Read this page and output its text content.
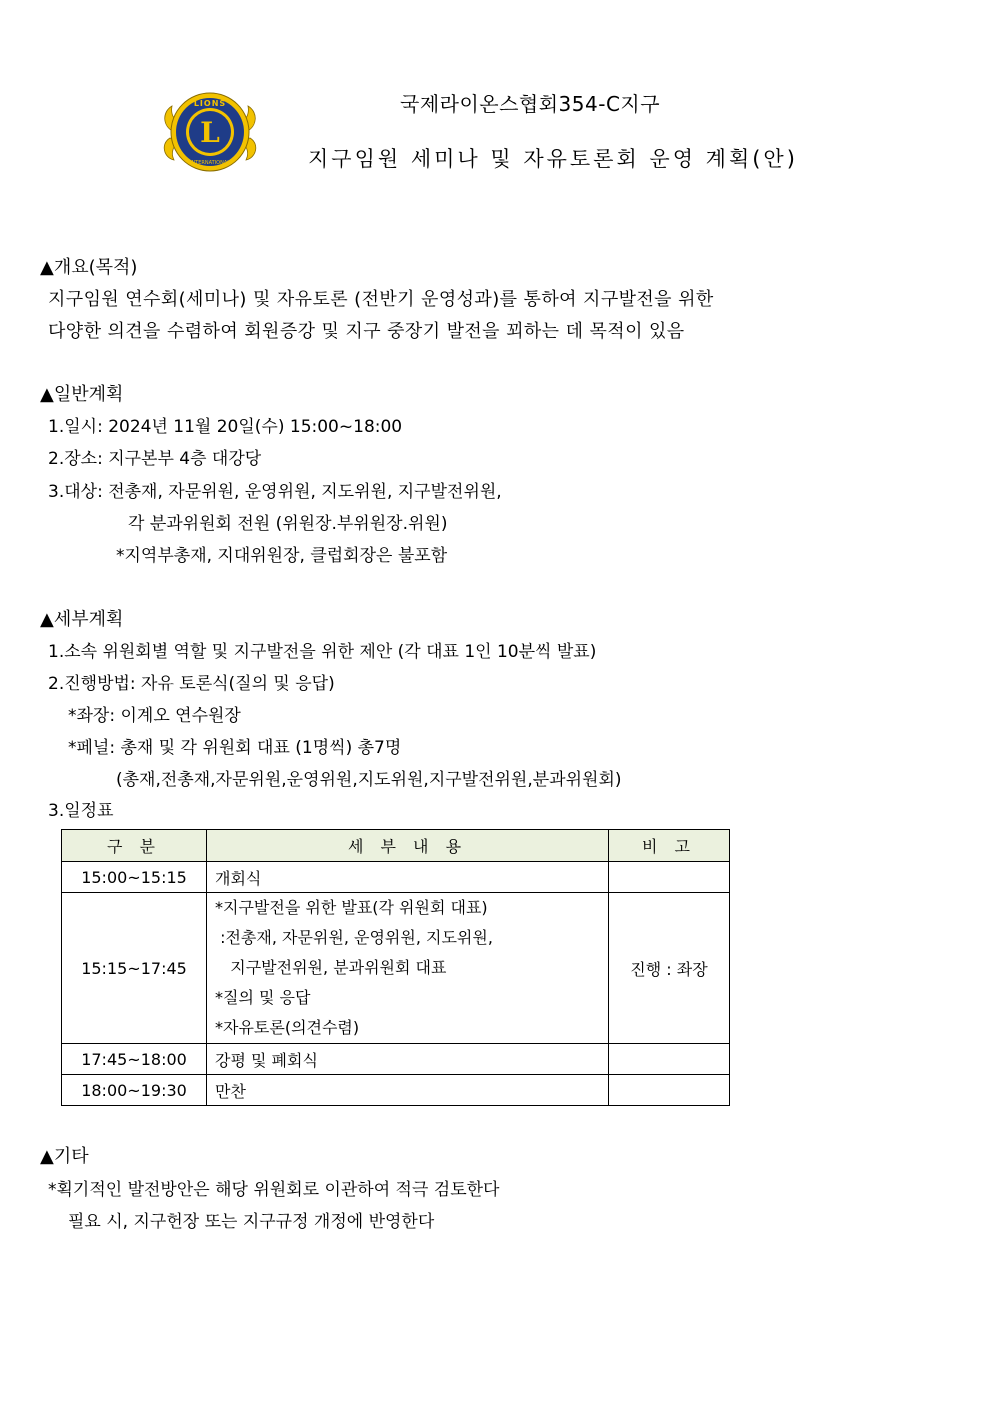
L
LIONS
INTERNATIONAL
국제라이온스협회354-C지구
지구임원 세미나 및 자유토론회 운영 계획(안)
▲개요(목적)
지구임원 연수회(세미나) 및 자유토론 (전반기 운영성과)를 통하여 지구발전을 위한
다양한 의견을 수렴하여 회원증강 및 지구 중장기 발전을 꾀하는 데 목적이 있음
▲일반계획
1.일시: 2024년 11월 20일(수) 15:00~18:00
2.장소: 지구본부 4층 대강당
3.대상: 전총재, 자문위원, 운영위원, 지도위원, 지구발전위원,
각 분과위원회 전원 (위원장.부위원장.위원)
*지역부총재, 지대위원장, 클럽회장은 불포함
▲세부계획
1.소속 위원회별 역할 및 지구발전을 위한 제안 (각 대표 1인 10분씩 발표)
2.진행방법: 자유 토론식(질의 및 응답)
*좌장: 이계오 연수원장
*페널: 총재 및 각 위원회 대표 (1명씩) 총7명
(총재,전총재,자문위원,운영위원,지도위원,지구발전위원,분과위원회)
3.일정표
구 분	세 부 내 용	비 고
15:00~15:15	개회식	
15:15~17:45	*지구발전을 위한 발표(각 위원회 대표)
:전총재, 자문위원, 운영위원, 지도위원,
지구발전위원, 분과위원회 대표
*질의 및 응답
*자유토론(의견수렴)	진행 : 좌장
17:45~18:00	강평 및 폐회식	
18:00~19:30	만찬	
▲기타
*획기적인 발전방안은 해당 위원회로 이관하여 적극 검토한다
필요 시, 지구헌장 또는 지구규정 개정에 반영한다
